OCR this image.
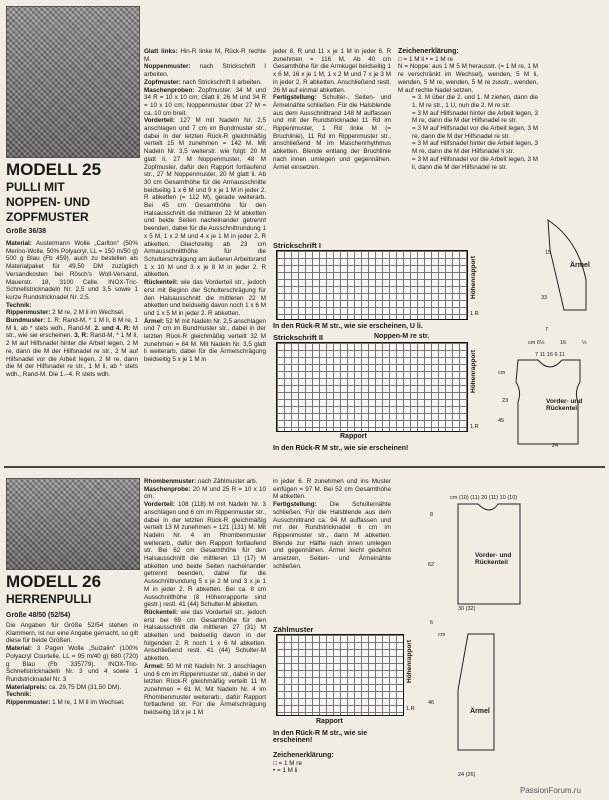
MODELL 25
PULLI MIT
NOPPEN- UND
ZOPFMUSTER
Größe 36/38

Material: Austermann Wolle „Carlton“ (50% Merino-Wolle, 50% Polyacryl, LL = 150 m/50 g) 500 g Blau (Fb 459), auch zu bestellen als Materialpaket für 49,50 DM zuzüglich Versandkosten bei Rösch's Woll-Versand, Mauerstr. 18, 3100 Celle. INOX-Tric-Schnellstricknadeln Nr. 2,5 und 3,5 sowie 1 kurze Rundstricknadel Nr. 2,5.

Technik:

Rippenmuster: 2 M re, 2 M li im Wechsel.

Bundmuster: 1. R: Rand-M, * 1 M li, 8 M re, 1 M li, ab * stets wdh., Rand-M. 2. und 4. R: M str., wie sie erscheinen. 3. R: Rand-M, * 1 M li, 2 M auf Hilfsnadel hinter die Arbeit legen, 2 M re, dann die M der Hilfsnadel re str., 2 M auf Hilfsnadel vor die Arbeit legen, 2 M re, dann die M der Hilfsnadel re str., 1 M li, ab * stets wdh., Rand-M. Die 1.–4. R stets wdh.

Glatt links: Hin-R linke M, Rück-R rechte M.

Noppenmuster: nach Strickschrift I arbeiten.

Zopfmuster: nach Strickschrift II arbeiten.

Maschenproben: Zopfmuster: 34 M und 34 R = 10 x 10 cm; Glatt li: 26 M und 34 R = 10 x 10 cm; Noppenmuster über 27 M = ca. 10 cm breit.

Vorderteil: 127 M mit Nadeln Nr. 2,5 anschlagen und 7 cm im Bundmuster str., dabei in der letzten Rück-R gleichmäßig verteilt 15 M zunehmen = 142 M. Mit Nadeln Nr. 3,5 weiterstr. wie folgt: 20 M glatt li, 27 M Noppenmuster, 48 M Zopfmuster, dafür den Rapport fortlaufend str., 27 M Noppenmuster, 20 M glatt li. Ab 30 cm Gesamthöhe für die Armausschnitte beidseitig 1 x 6 M und 9 x je 1 M in jeder 2. R abketten (= 112 M), gerade weiterarb. Bei 45 cm Gesamthöhe für den Halsausschnitt die mittleren 22 M abketten und beide Seiten nacheinander getrennt beenden, dabei für die Ausschnittrundung 1 x 5 M, 1 x 2 M und 4 x je 1 M in jeder 2. R abketten. Gleichzeitig ab 23 cm Armausschnitthöhe für die Schulterschrägung am äußeren Arbeitsrand 1 x 10 M und 3 x je 8 M in jeder 2. R abketten.

Rückenteil: wie das Vorderteil str., jedoch erst mit Beginn der Schulterschrägung für den Halsausschnitt die mittleren 22 M abketten und beidseitig davon noch 1 x 6 M und 1 x 5 M in jeder 2. R abketten.

Ärmel: 52 M mit Nadeln Nr. 2,5 anschlagen und 7 cm im Bundmuster str., dabei in der letzten Rück-R gleichmäßig verteilt 32 M zunehmen = 84 M. Mit Nadeln Nr. 3,5 glatt li weiterarb, dabei für die Ärmelschrägung beidseitig 5 x je 1 M in

jeder 8. R und 11 x je 1 M in jeder 6. R zunehmen = 116 M. Ab 40 cm Gesamthöhe für die Armkugel beidseitig 1 x 6 M, 16 x je 1 M, 1 x 2 M und 7 x je 3 M in jeder 2. R abketten. Anschließend restl. 26 M auf einmal abketten.

Fertigstellung: Schulter-, Seiten- und Ärmelnähte schließen. Für die Halsblende aus dem Ausschnittrand 148 M auffassen und mit der Rundstricknadel 11 Rd im Rippenmuster, 1 Rd linke M (= Bruchlinie), 11 Rd im Rippenmuster str., anschließend M im Maschenrhythmus abketten. Blende entlang der Bruchlinie nach innen umlegen und gegennähen. Ärmel einsetzen.

Zeichenerklärung:

□ = 1 M li • = 1 M re

N = Noppe: aus 1 M 5 M herausstr. (= 1 M re, 1 M re verschränkt im Wechsel), wenden, 5 M li, wenden, 5 M re, wenden, 5 M re zusstr., wenden, M auf rechte Nadel setzen.

= 3. M über die 2. und 1. M ziehen, dann die 1. M re str., 1 U, nun die 2. M re str.

= 3 M auf Hilfsnadel hinter die Arbeit legen, 3 M re, dann die M der Hilfsnadel re str.

= 3 M auf Hilfsnadel vor die Arbeit legen, 3 M re, dann die M der Hilfsnadel re str.

= 3 M auf Hilfsnadel hinter die Arbeit legen, 3 M re, dann die M der Hilfsnadel li str.

= 3 M auf Hilfsnadel vor die Arbeit legen, 3 M li, dann die M der Hilfsnadel re str.

Strickschrift I
Höhenrapport
1.R
In den Rück-R M str., wie sie erscheinen, U li.
Strickschrift II	Noppen-M re str.
Höhenrapport
1.R
Rapport
In den Rück-R M str., wie sie erscheinen!
Ärmel
15
33
7
cm 6½	16	½
7 11 16 6 11
Vorder- und Rückenteil
cm
23
45
24
MODELL 26
HERRENPULLI
Größe 48/50 (52/54)

Die Angaben für Größe 52/54 stehen in Klammern, ist nur eine Angabe gemacht, so gilt diese für beide Größen.

Material: 3 Pagen Wolle „Suizalin“ (100% Polyacryl Courtelle, LL = 95 m/40 g) 680 (720) g Blau (Fb 335779). INOX-Tric-Schnellstricknadeln Nr. 3 und 4 sowie 1 Rundstricknadel Nr. 3

Materialpreis: ca. 29,75 DM (31,50 DM).

Technik:

Rippenmuster: 1 M re, 1 M li im Wechsel.

Rhombenmuster: nach Zählmuster arb.

Maschenprobe: 20 M und 25 R = 10 x 10 cm.

Vorderteil: 108 (118) M mit Nadeln Nr. 3 anschlagen und 6 cm im Rippenmuster str., dabei in der letzten Rück-R gleichmäßig verteilt 13 M zunehmen = 121 (131) M. Mit Nadeln Nr. 4 im Rhombenmuster weiterarb., dafür den Rapport fortlaufend str. Bei 62 cm Gesamthöhe für den Halsausschnitt die mittleren 13 (17) M abketten und beide Seiten nacheinander getrennt beenden, dabei für die Ausschnittrundung 5 x je 2 M und 3 x je 1 M in jeder 2. R abketten. Bei ca. 8 cm Ausschnitthöhe (8 Höhenrapporte sind gestr.) restl. 41 (44) Schulter-M abketten.

Rückenteil: wie das Vorderteil str., jedoch erst bei 69 cm Gesamthöhe für den Halsausschnitt die mittleren 27 (31) M abketten und beidseitig davon in der folgenden 2. R noch 1 x 6 M abketten. Anschließend restl. 41 (44) Schulter-M abketten.

Ärmel: 50 M mit Nadeln Nr. 3 anschlagen und 6 cm im Rippenmuster str., dabei in der letzten Rück-R gleichmäßig verteilt 11 M zunehmen = 61 M. Mit Nadeln Nr. 4 im Rhombenmuster weiterarb., dafür Rapport fortlaufend str. Für die Ärmelschrägung beidseitig 18 x je 1 M

in jeder 6. R zunehmen und ins Muster einfügen = 97 M. Bei 52 cm Gesamthöhe M abketten.

Fertigstellung: Die Schulternähte schließen. Für die Halsblende aus dem Ausschnittrand ca. 94 M auffassen und mit der Rundstricknadel 6 cm im Rippenmuster str., dann M abketten. Blende zur Hälfte nach innen umlegen und gegennähen. Ärmel leicht gedehnt ansetzen, Seiten- und Ärmelnähte schließen.

Zählmuster
Höhenrapport
1.R
Rapport
In den Rück-R M str., wie sie erscheinen!
Zeichenerklärung:

□ = 1 M re

• = 1 M li

cm (10) (11) 20 (11) 10 (10)
8
62
Vorder- und Rückenteil
30 (32)
6
cm
46
Ärmel
24 (26)
PassionForum.ru
